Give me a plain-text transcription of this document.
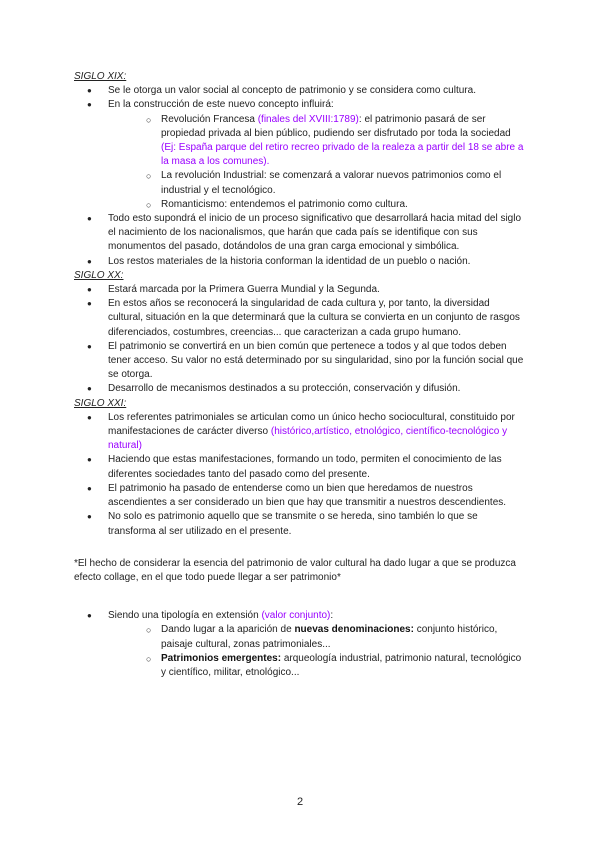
SIGLO XIX:

● Se le otorga un valor social al concepto de patrimonio y se considera como cultura.
● En la construcción de este nuevo concepto influirá:
○ Revolución Francesa (finales del XVIII:1789): el patrimonio pasará de ser propiedad privada al bien público, pudiendo ser disfrutado por toda la sociedad (Ej: España parque del retiro recreo privado de la realeza a partir del 18 se abre a la masa a los comunes).
○ La revolución Industrial: se comenzará a valorar nuevos patrimonios como el industrial y el tecnológico.
○ Romanticismo: entendemos el patrimonio como cultura.
● Todo esto supondrá el inicio de un proceso significativo que desarrollará hacia mitad del siglo el nacimiento de los nacionalismos, que harán que cada país se identifique con sus monumentos del pasado, dotándolos de una gran carga emocional y simbólica.
● Los restos materiales de la historia conforman la identidad de un pueblo o nación.

SIGLO XX:

● Estará marcada por la Primera Guerra Mundial y la Segunda.
● En estos años se reconocerá la singularidad de cada cultura y, por tanto, la diversidad cultural, situación en la que determinará que la cultura se convierta en un conjunto de rasgos diferenciados, costumbres, creencias... que caracterizan a cada grupo humano.
● El patrimonio se convertirá en un bien común que pertenece a todos y al que todos deben tener acceso. Su valor no está determinado por su singularidad, sino por la función social que se otorga.
● Desarrollo de mecanismos destinados a su protección, conservación y difusión.

SIGLO XXI:

● Los referentes patrimoniales se articulan como un único hecho sociocultural, constituido por manifestaciones de carácter diverso (histórico,artístico, etnológico, científico-tecnológico y natural)
● Haciendo que estas manifestaciones, formando un todo, permiten el conocimiento de las diferentes sociedades tanto del pasado como del presente.
● El patrimonio ha pasado de entenderse como un bien que heredamos de nuestros ascendientes a ser considerado un bien que hay que transmitir a nuestros descendientes.
● No solo es patrimonio aquello que se transmite o se hereda, sino también lo que se transforma al ser utilizado en el presente.

*El hecho de considerar la esencia del patrimonio de valor cultural ha dado lugar a que se produzca efecto collage, en el que todo puede llegar a ser patrimonio*

● Siendo una tipología en extensión (valor conjunto):
○ Dando lugar a la aparición de nuevas denominaciones: conjunto histórico, paisaje cultural, zonas patrimoniales...
○ Patrimonios emergentes: arqueología industrial, patrimonio natural, tecnológico y científico, militar, etnológico...
2
